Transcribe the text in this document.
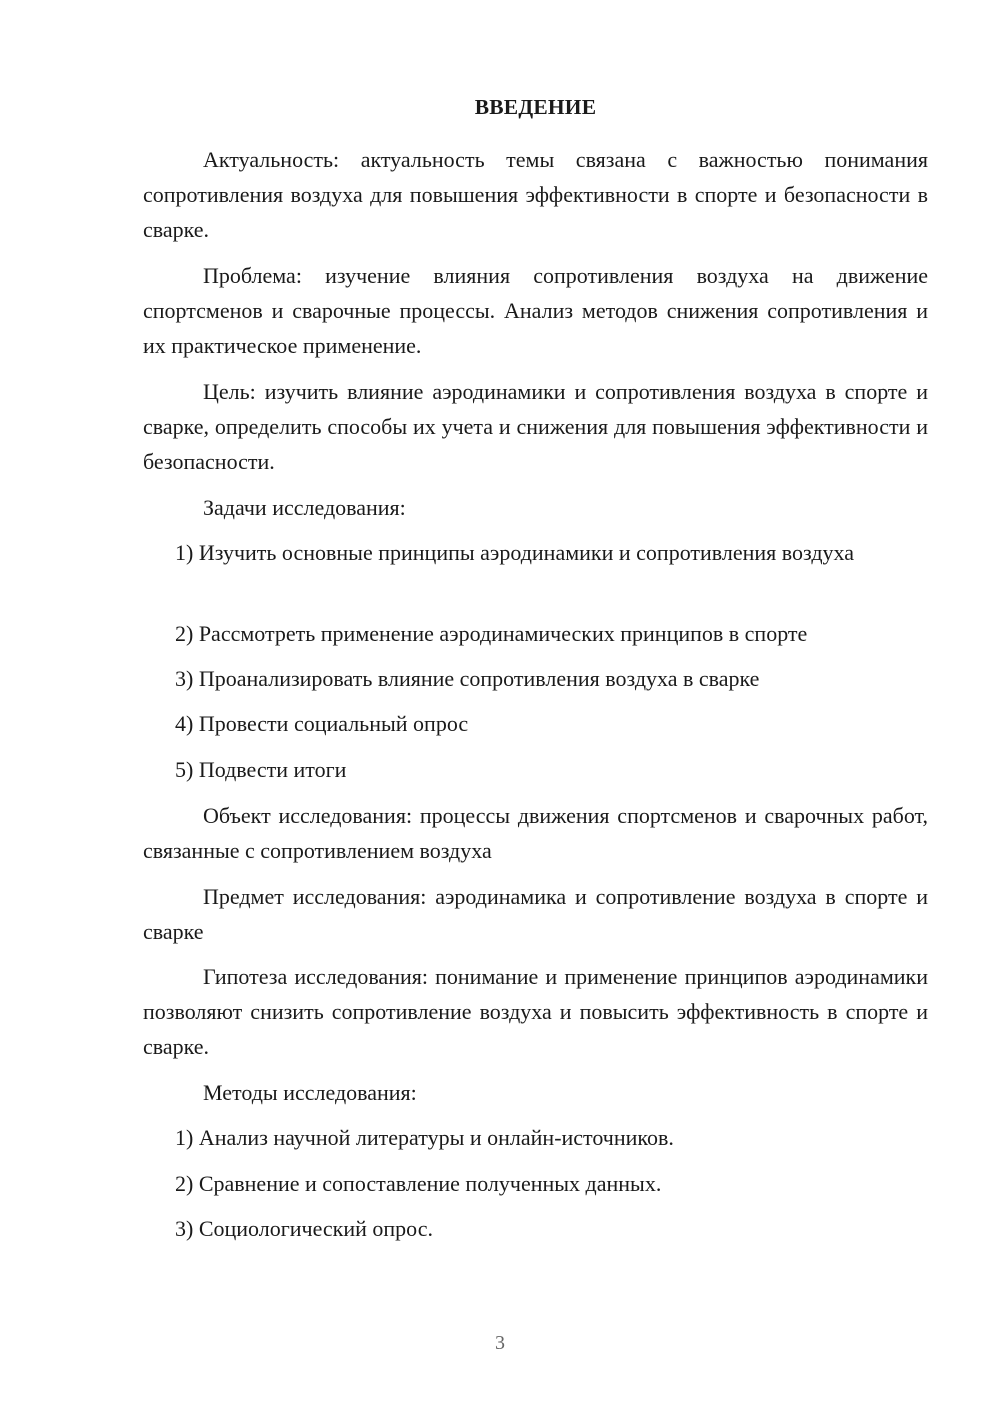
ВВЕДЕНИЕ
Актуальность: актуальность темы связана с важностью понимания сопротивления воздуха для повышения эффективности в спорте и безопасности в сварке.
Проблема: изучение влияния сопротивления воздуха на движение спортсменов и сварочные процессы. Анализ методов снижения сопротивления и их практическое применение.
Цель: изучить влияние аэродинамики и сопротивления воздуха в спорте и сварке, определить способы их учета и снижения для повышения эффективности и безопасности.
Задачи исследования:
1) Изучить основные принципы аэродинамики и сопротивления воздуха
2) Рассмотреть применение аэродинамических принципов в спорте
3) Проанализировать влияние сопротивления воздуха в сварке
4) Провести социальный опрос
5) Подвести итоги
Объект исследования: процессы движения спортсменов и сварочных работ, связанные с сопротивлением воздуха
Предмет исследования: аэродинамика и сопротивление воздуха в спорте и сварке
Гипотеза исследования: понимание и применение принципов аэродинамики позволяют снизить сопротивление воздуха и повысить эффективность в спорте и сварке.
Методы исследования:
1) Анализ научной литературы и онлайн-источников.
2) Сравнение и сопоставление полученных данных.
3) Социологический опрос.
3
